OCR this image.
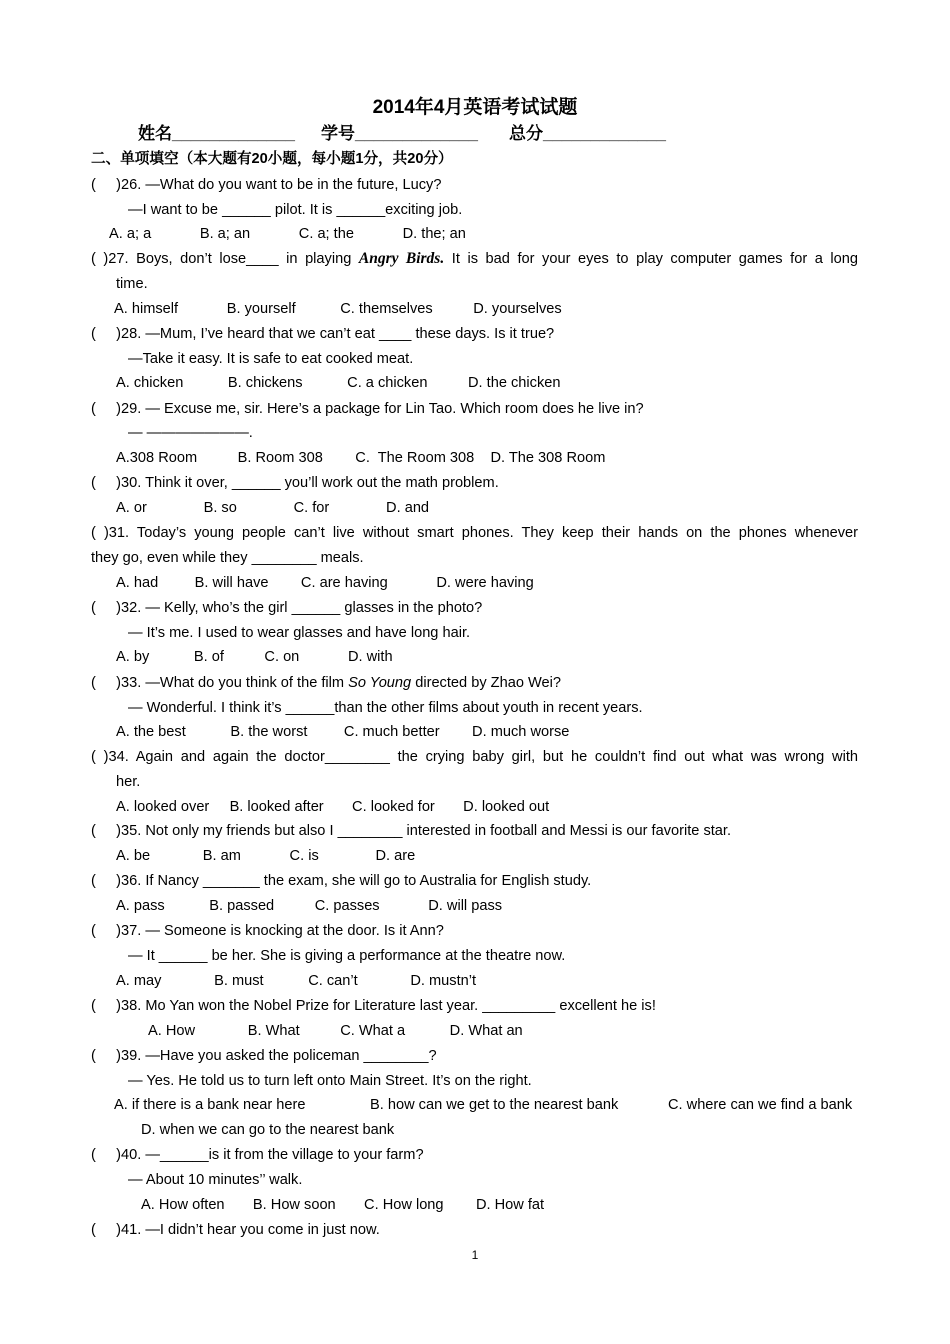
2014年4月英语考试试题
姓名_____________ 学号_____________ 总分_____________
二、单项填空（本大题有20小题，每小题1分，共20分）
(     )26. —What do you want to be in the future, Lucy?
—I want to be ______ pilot. It is ______exciting job.
A. a; a            B. a; an            C. a; the            D. the; an
( )27. Boys, don’t lose____ in playing Angry Birds. It is bad for your eyes to play computer games for a long
time.
A. himself            B. yourself           C. themselves          D. yourselves
(     )28. —Mum, I’ve heard that we can’t eat ____ these days. Is it true?
—Take it easy. It is safe to eat cooked meat.
A. chicken           B. chickens           C. a chicken          D. the chicken
(     )29. — Excuse me, sir. Here’s a package for Lin Tao. Which room does he live in?
— ———————.
A.308 Room          B. Room 308        C.  The Room 308    D. The 308 Room
(     )30. Think it over, ______ you’ll work out the math problem.
A. or              B. so              C. for              D. and
( )31. Today’s young people can’t live without smart phones. They keep their hands on the phones whenever
they go, even while they ________ meals.
A. had         B. will have        C. are having            D. were having
(     )32. — Kelly, who’s the girl ______ glasses in the photo?
— It’s me. I used to wear glasses and have long hair.
A. by           B. of          C. on            D. with
(     )33. —What do you think of the film So Young directed by Zhao Wei?
— Wonderful. I think it’s ______than the other films about youth in recent years.
A. the best           B. the worst         C. much better        D. much worse
( )34. Again and again the doctor________ the crying baby girl, but he couldn’t find out what was wrong with
her.
A. looked over     B. looked after       C. looked for       D. looked out
(     )35. Not only my friends but also I ________ interested in football and Messi is our favorite star.
A. be             B. am            C. is              D. are
(     )36. If Nancy _______ the exam, she will go to Australia for English study.
A. pass           B. passed          C. passes            D. will pass
(     )37. — Someone is knocking at the door. Is it Ann?
— It ______ be her. She is giving a performance at the theatre now.
A. may             B. must           C. can’t             D. mustn’t
(     )38. Mo Yan won the Nobel Prize for Literature last year. _________ excellent he is!
A. How             B. What          C. What a           D. What an
(     )39. —Have you asked the policeman ________?
— Yes. He told us to turn left onto Main Street. It’s on the right.
A. if there is a bank near here	B. how can we get to the nearest bank	C. where can we find a bank
D. when we can go to the nearest bank
(     )40. —______is it from the village to your farm?
— About 10 minutes’’ walk.
A. How often       B. How soon       C. How long        D. How fat
(     )41. —I didn’t hear you come in just now.
1
